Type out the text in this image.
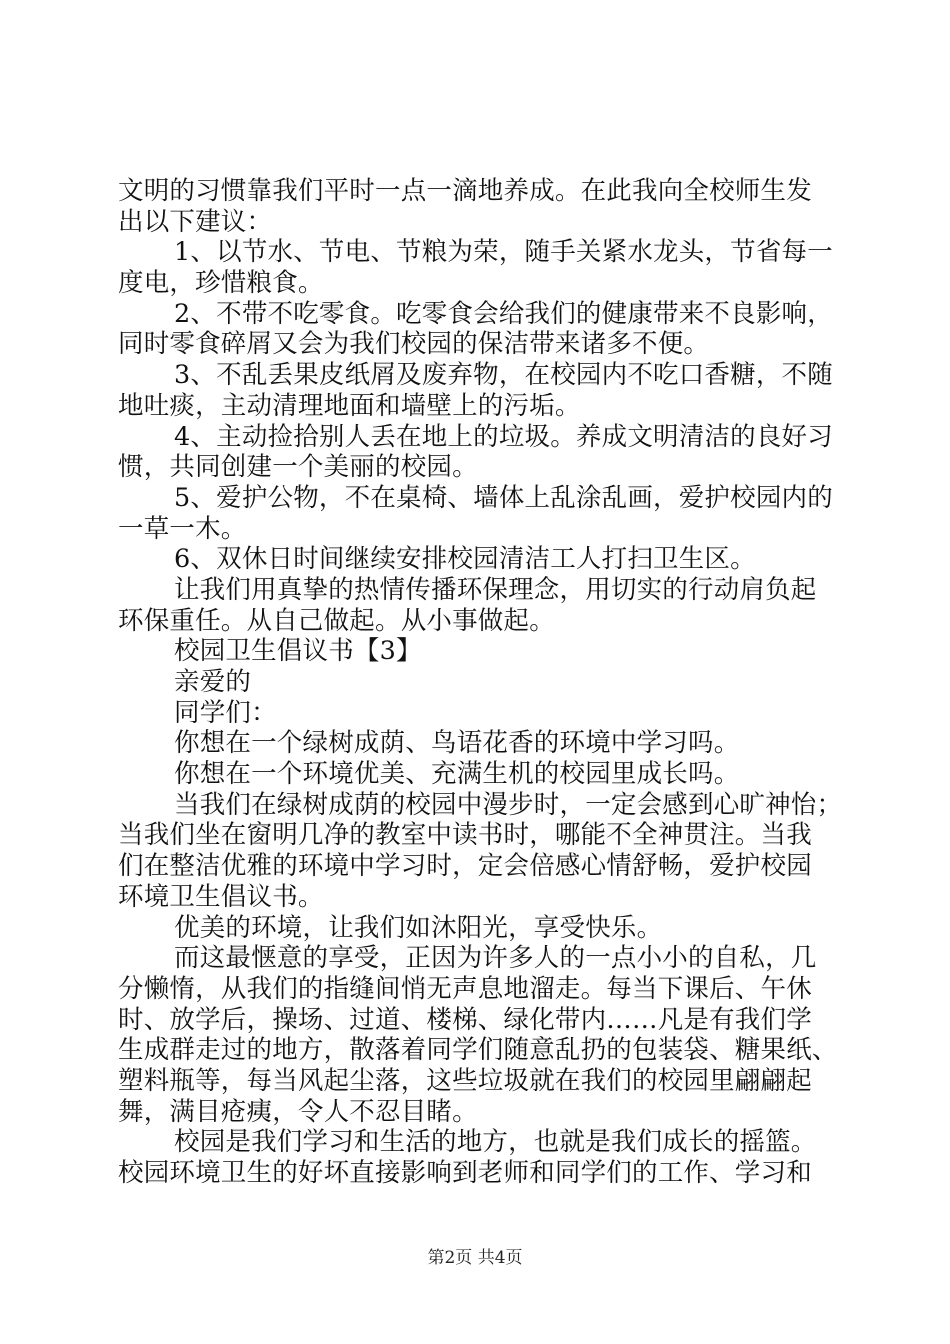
文明的习惯靠我们平时一点一滴地养成。在此我向全校师生发
出以下建议：
1、以节水、节电、节粮为荣，随手关紧水龙头，节省每一
度电，珍惜粮食。
2、不带不吃零食。吃零食会给我们的健康带来不良影响，
同时零食碎屑又会为我们校园的保洁带来诸多不便。
3、不乱丢果皮纸屑及废弃物，在校园内不吃口香糖，不随
地吐痰，主动清理地面和墙壁上的污垢。
4、主动捡拾别人丢在地上的垃圾。养成文明清洁的良好习
惯，共同创建一个美丽的校园。
5、爱护公物，不在桌椅、墙体上乱涂乱画，爱护校园内的
一草一木。
6、双休日时间继续安排校园清洁工人打扫卫生区。
让我们用真挚的热情传播环保理念，用切实的行动肩负起
环保重任。从自己做起。从小事做起。
校园卫生倡议书【3】
亲爱的
同学们：
你想在一个绿树成荫、鸟语花香的环境中学习吗。
你想在一个环境优美、充满生机的校园里成长吗。
当我们在绿树成荫的校园中漫步时，一定会感到心旷神怡；
当我们坐在窗明几净的教室中读书时，哪能不全神贯注。当我
们在整洁优雅的环境中学习时，定会倍感心情舒畅，爱护校园
环境卫生倡议书。
优美的环境，让我们如沐阳光，享受快乐。
而这最惬意的享受，正因为许多人的一点小小的自私，几
分懒惰，从我们的指缝间悄无声息地溜走。每当下课后、午休
时、放学后，操场、过道、楼梯、绿化带内……凡是有我们学
生成群走过的地方，散落着同学们随意乱扔的包装袋、糖果纸、
塑料瓶等，每当风起尘落，这些垃圾就在我们的校园里翩翩起
舞，满目疮痍，令人不忍目睹。
校园是我们学习和生活的地方，也就是我们成长的摇篮。
校园环境卫生的好坏直接影响到老师和同学们的工作、学习和
第2页 共4页
